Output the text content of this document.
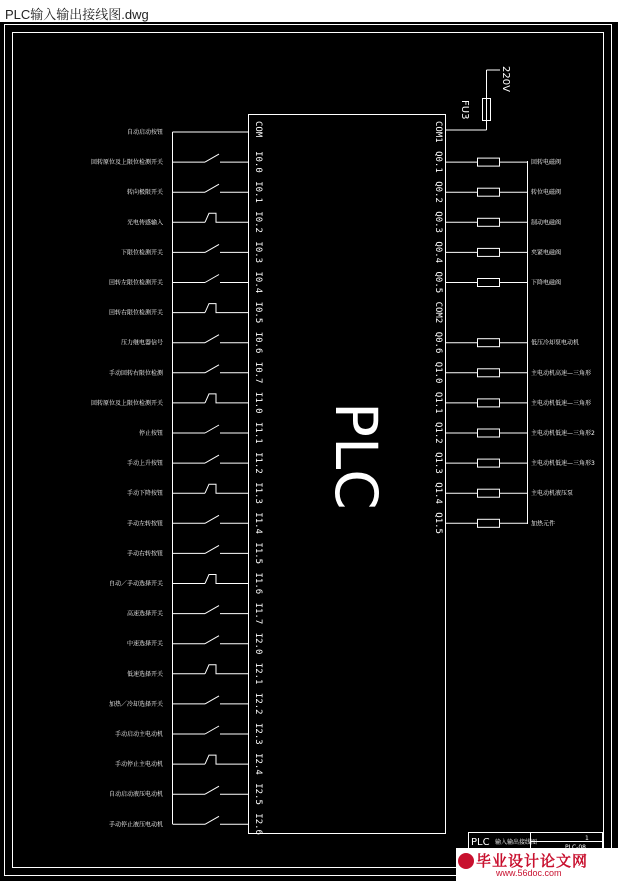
PLC输入输出接线图.dwg
220V
FU3
PLC
自动启动按钮	COM
回转原位及上限位检测开关	I0.0
转向极限开关	I0.1
光电传感输入	I0.2
下限位检测开关	I0.3
回转左限位检测开关	I0.4
回转右限位检测开关	I0.5
压力继电器信号	I0.6
手动回转右限位检测	I0.7
回转原位及上限位检测开关	I1.0
停止按钮	I1.1
手动上升按钮	I1.2
手动下降按钮	I1.3
手动左转按钮	I1.4
手动右转按钮	I1.5
自动／手动选择开关	I1.6
高速选择开关	I1.7
中速选择开关	I2.0
低速选择开关	I2.1
加热／冷却选择开关	I2.2
手动启动主电动机	I2.3
手动停止主电动机	I2.4
自动启动液压电动机	I2.5
手动停止液压电动机	I2.6
COM1
Q0.1	回转电磁阀
Q0.2	转位电磁阀
Q0.3	制动电磁阀
Q0.4	夹紧电磁阀
Q0.5	下降电磁阀
COM2
Q0.6	低压冷却泵电动机
Q1.0	主电动机高速—三角形
Q1.1	主电动机低速—三角形
Q1.2	主电动机低速—三角形2
Q1.3	主电动机低速—三角形3
Q1.4	主电动机液压泵
Q1.5	加热元件
PLC 输入输出接线图
1
毕业设计论文网
www.56doc.com
